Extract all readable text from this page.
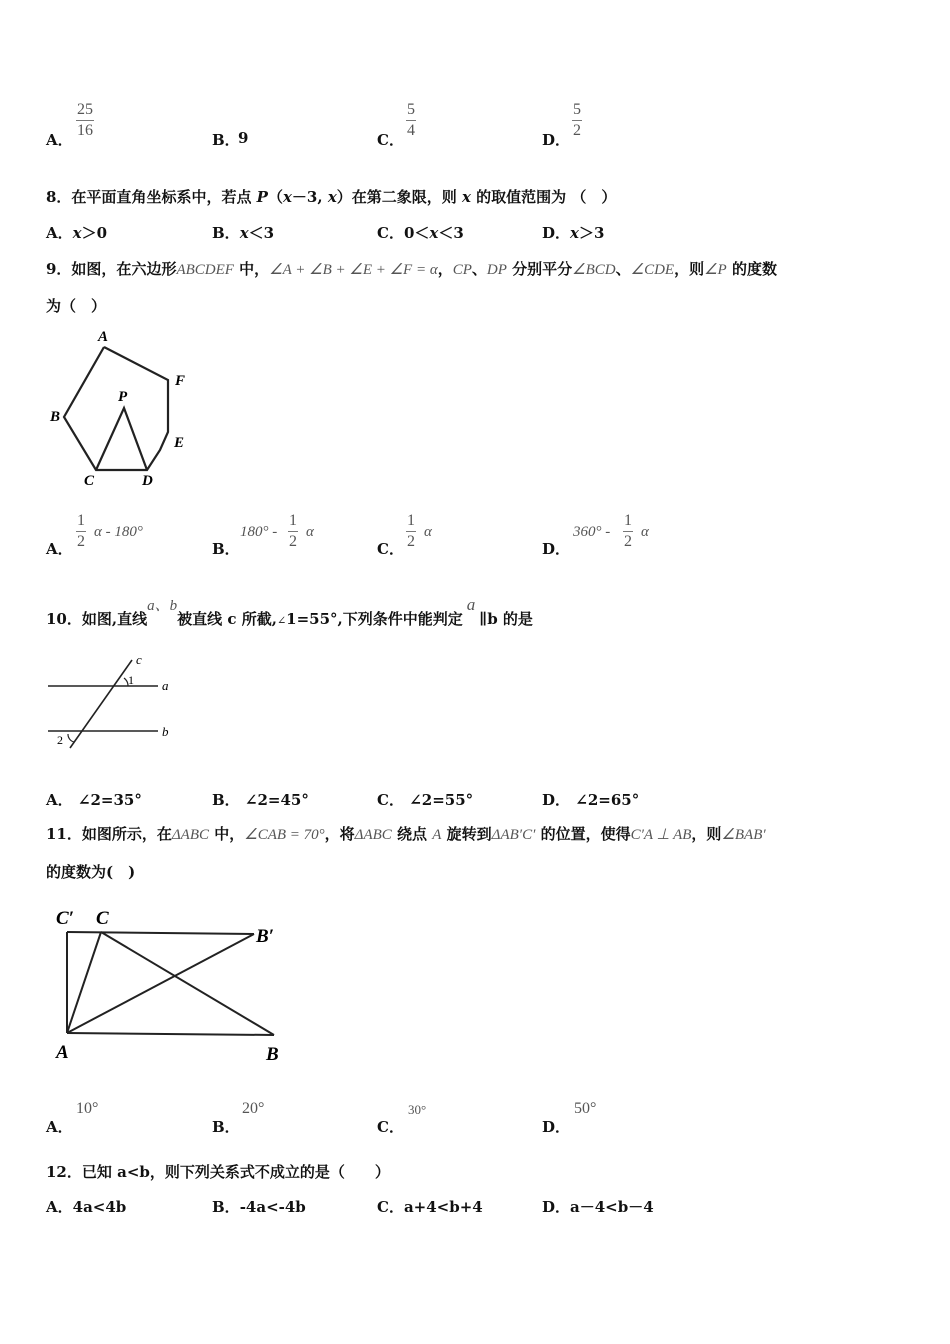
A．
25
16
B．
9	C．
5
4
D．
5
2
8．在平面直角坐标系中，若点 P（x－3, x）在第二象限，则 x 的取值范围为 （　）
A．x＞0	B．x＜3	C．0＜x＜3	D．x＞3
9．如图，在六边形ABCDEF 中，∠A + ∠B + ∠E + ∠F = α，CP、DP 分别平分∠BCD、∠CDE，则∠P 的度数
为（　）
A
F
B
P
E
C	D
A．
1
2
α - 180°
B．
180° -
1
2
α
C．
1
2
α
D．
360° -
1
2
α
10．如图,直线a、b被直线 c 所截,∠1=55°,下列条件中能判定a∥b 的是
c
a
b
1
2
A． ∠2=35°	B． ∠2=45°	C． ∠2=55°	D． ∠2=65°
11．如图所示，在ΔABC 中，∠CAB = 70°，将ΔABC 绕点 A 旋转到ΔAB′C′ 的位置，使得C′A ⊥ AB，则∠BAB′
的度数为(　)
C′ C
B′
A	B
A．
10°
B．
20°
C．
30°
D．
50°
12．已知 a<b，则下列关系式不成立的是（　　）
A．4a<4b	B．-4a<-4b	C．a+4<b+4	D．a－4<b－4
